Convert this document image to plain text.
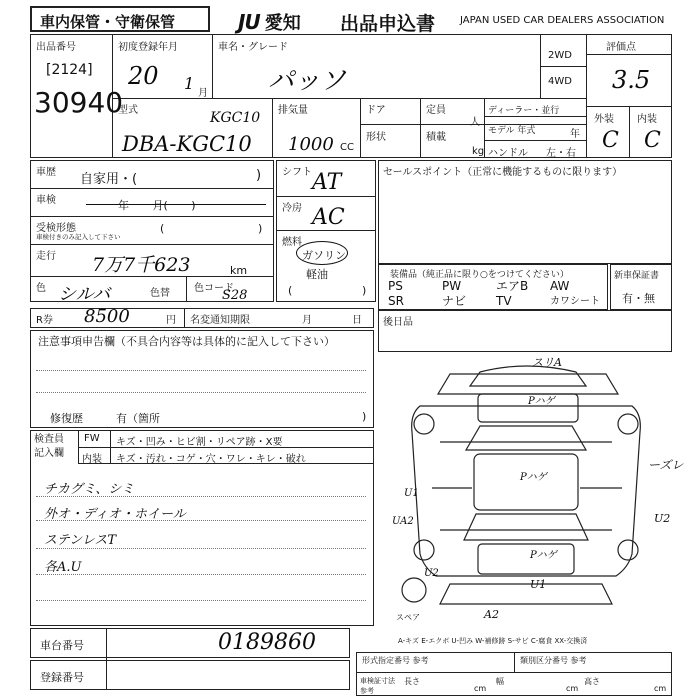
車内保管・守衛保管	JU 愛知 出品申込書 JAPAN USED CAR DEALERS ASSOCIATION
出品番号
[2124]
30940
初度登録年月
20 1
月
車名・グレード
パッソ
2WD
4WD
評価点
3.5
型式	KGC10
DBA-KGC10
排気量
1000 CC
ドア	定員
人
ディーラー・並行
モデル 年式	年
形状	積載
kg ハンドル 左・右
外装 内装
C C
車歴 自家用・(	)
車検	年 月( )
受検形態
車検付きのみ記入して下さい
(	)
走行 7万7千623	km
色 シルバ	色替 色コード
S28
シフト AT
冷房 AC
燃料
ガソリン
軽油
(	)
セールスポイント（正常に機能するものに限ります）
装備品（純正品に限り○をつけてください）
PS	PW	エアB	AW
SR	ナビ	TV	カワシート
新車保証書
有・無
R券 8500	円 名変通知期限	月	日 後日品
注意事項申告欄（不具合内容等は具体的に記入して下さい）
修復歴	有（箇所	)
検査員 記入欄
FW キズ・凹み・ヒビ割・リペア跡・X要
内装 キズ・汚れ・コゲ・穴・ワレ・キレ・破れ
チカグミ、シミ
外オ・ディオ・ホイール
ステンレスT
各A.U
スリA
Pハゲ
Pハゲ
ーズレ
U1
UA2	U2
Pハゲ
U1
U2
A2
スペア
A-キズ E-エクボ U-凹み W-補修跡 S-サビ C-腐食 XX-交換済
車台番号	0189860
登録番号
形式指定番号 参考	類別区分番号 参考
車検証寸法 参考
長さ
cm
幅
cm
高さ
cm
